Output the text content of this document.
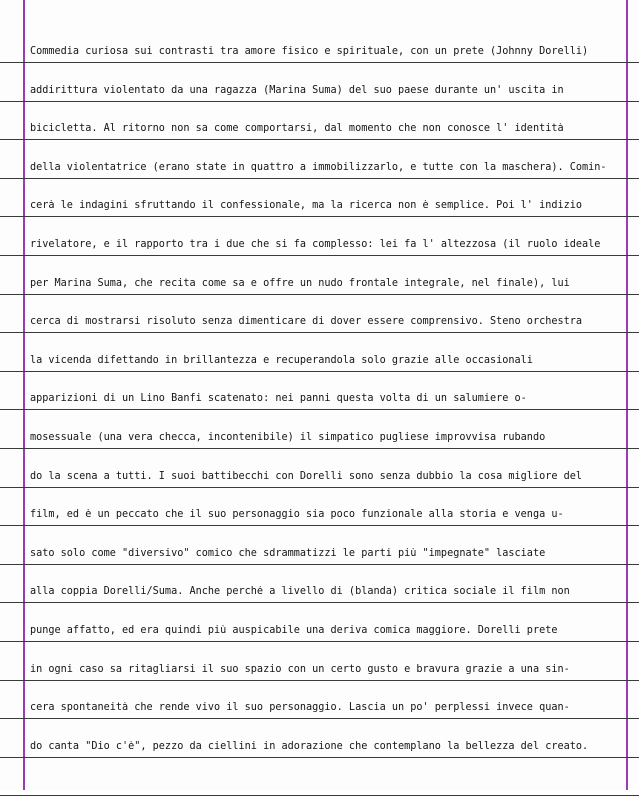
Commedia curiosa sui contrasti tra amore fisico e spirituale, con un prete (Johnny Dorelli)
addirittura violentato da una ragazza (Marina Suma) del suo paese durante un' uscita in
bicicletta. Al ritorno non sa come comportarsi, dal momento che non conosce l' identità
della violentatrice (erano state in quattro a immobilizzarlo, e tutte con la maschera). Comin-
cerà le indagini sfruttando il confessionale, ma la ricerca non è semplice. Poi l' indizio
rivelatore, e il rapporto tra i due che si fa complesso: lei fa l' altezzosa (il ruolo ideale
per Marina Suma, che recita come sa e offre un nudo frontale integrale, nel finale), lui
cerca di mostrarsi risoluto senza dimenticare di dover essere comprensivo. Steno orchestra
la vicenda difettando in brillantezza e recuperandola solo grazie alle occasionali
apparizioni di un Lino Banfi scatenato: nei panni questa volta di un salumiere o-
mosessuale (una vera checca, incontenibile) il simpatico pugliese improvvisa rubando
do la scena a tutti. I suoi battibecchi con Dorelli sono senza dubbio la cosa migliore del
film, ed è un peccato che il suo personaggio sia poco funzionale alla storia e venga u-
sato solo come "diversivo" comico che sdrammatizzi le parti più "impegnate" lasciate
alla coppia Dorelli/Suma. Anche perché a livello di (blanda) critica sociale il film non
punge affatto, ed era quindi più auspicabile una deriva comica maggiore. Dorelli prete
in ogni caso sa ritagliarsi il suo spazio con un certo gusto e bravura grazie a una sin-
cera spontaneità che rende vivo il suo personaggio. Lascia un po' perplessi invece quan-
do canta "Dio c'è", pezzo da ciellini in adorazione che contemplano la bellezza del creato.
